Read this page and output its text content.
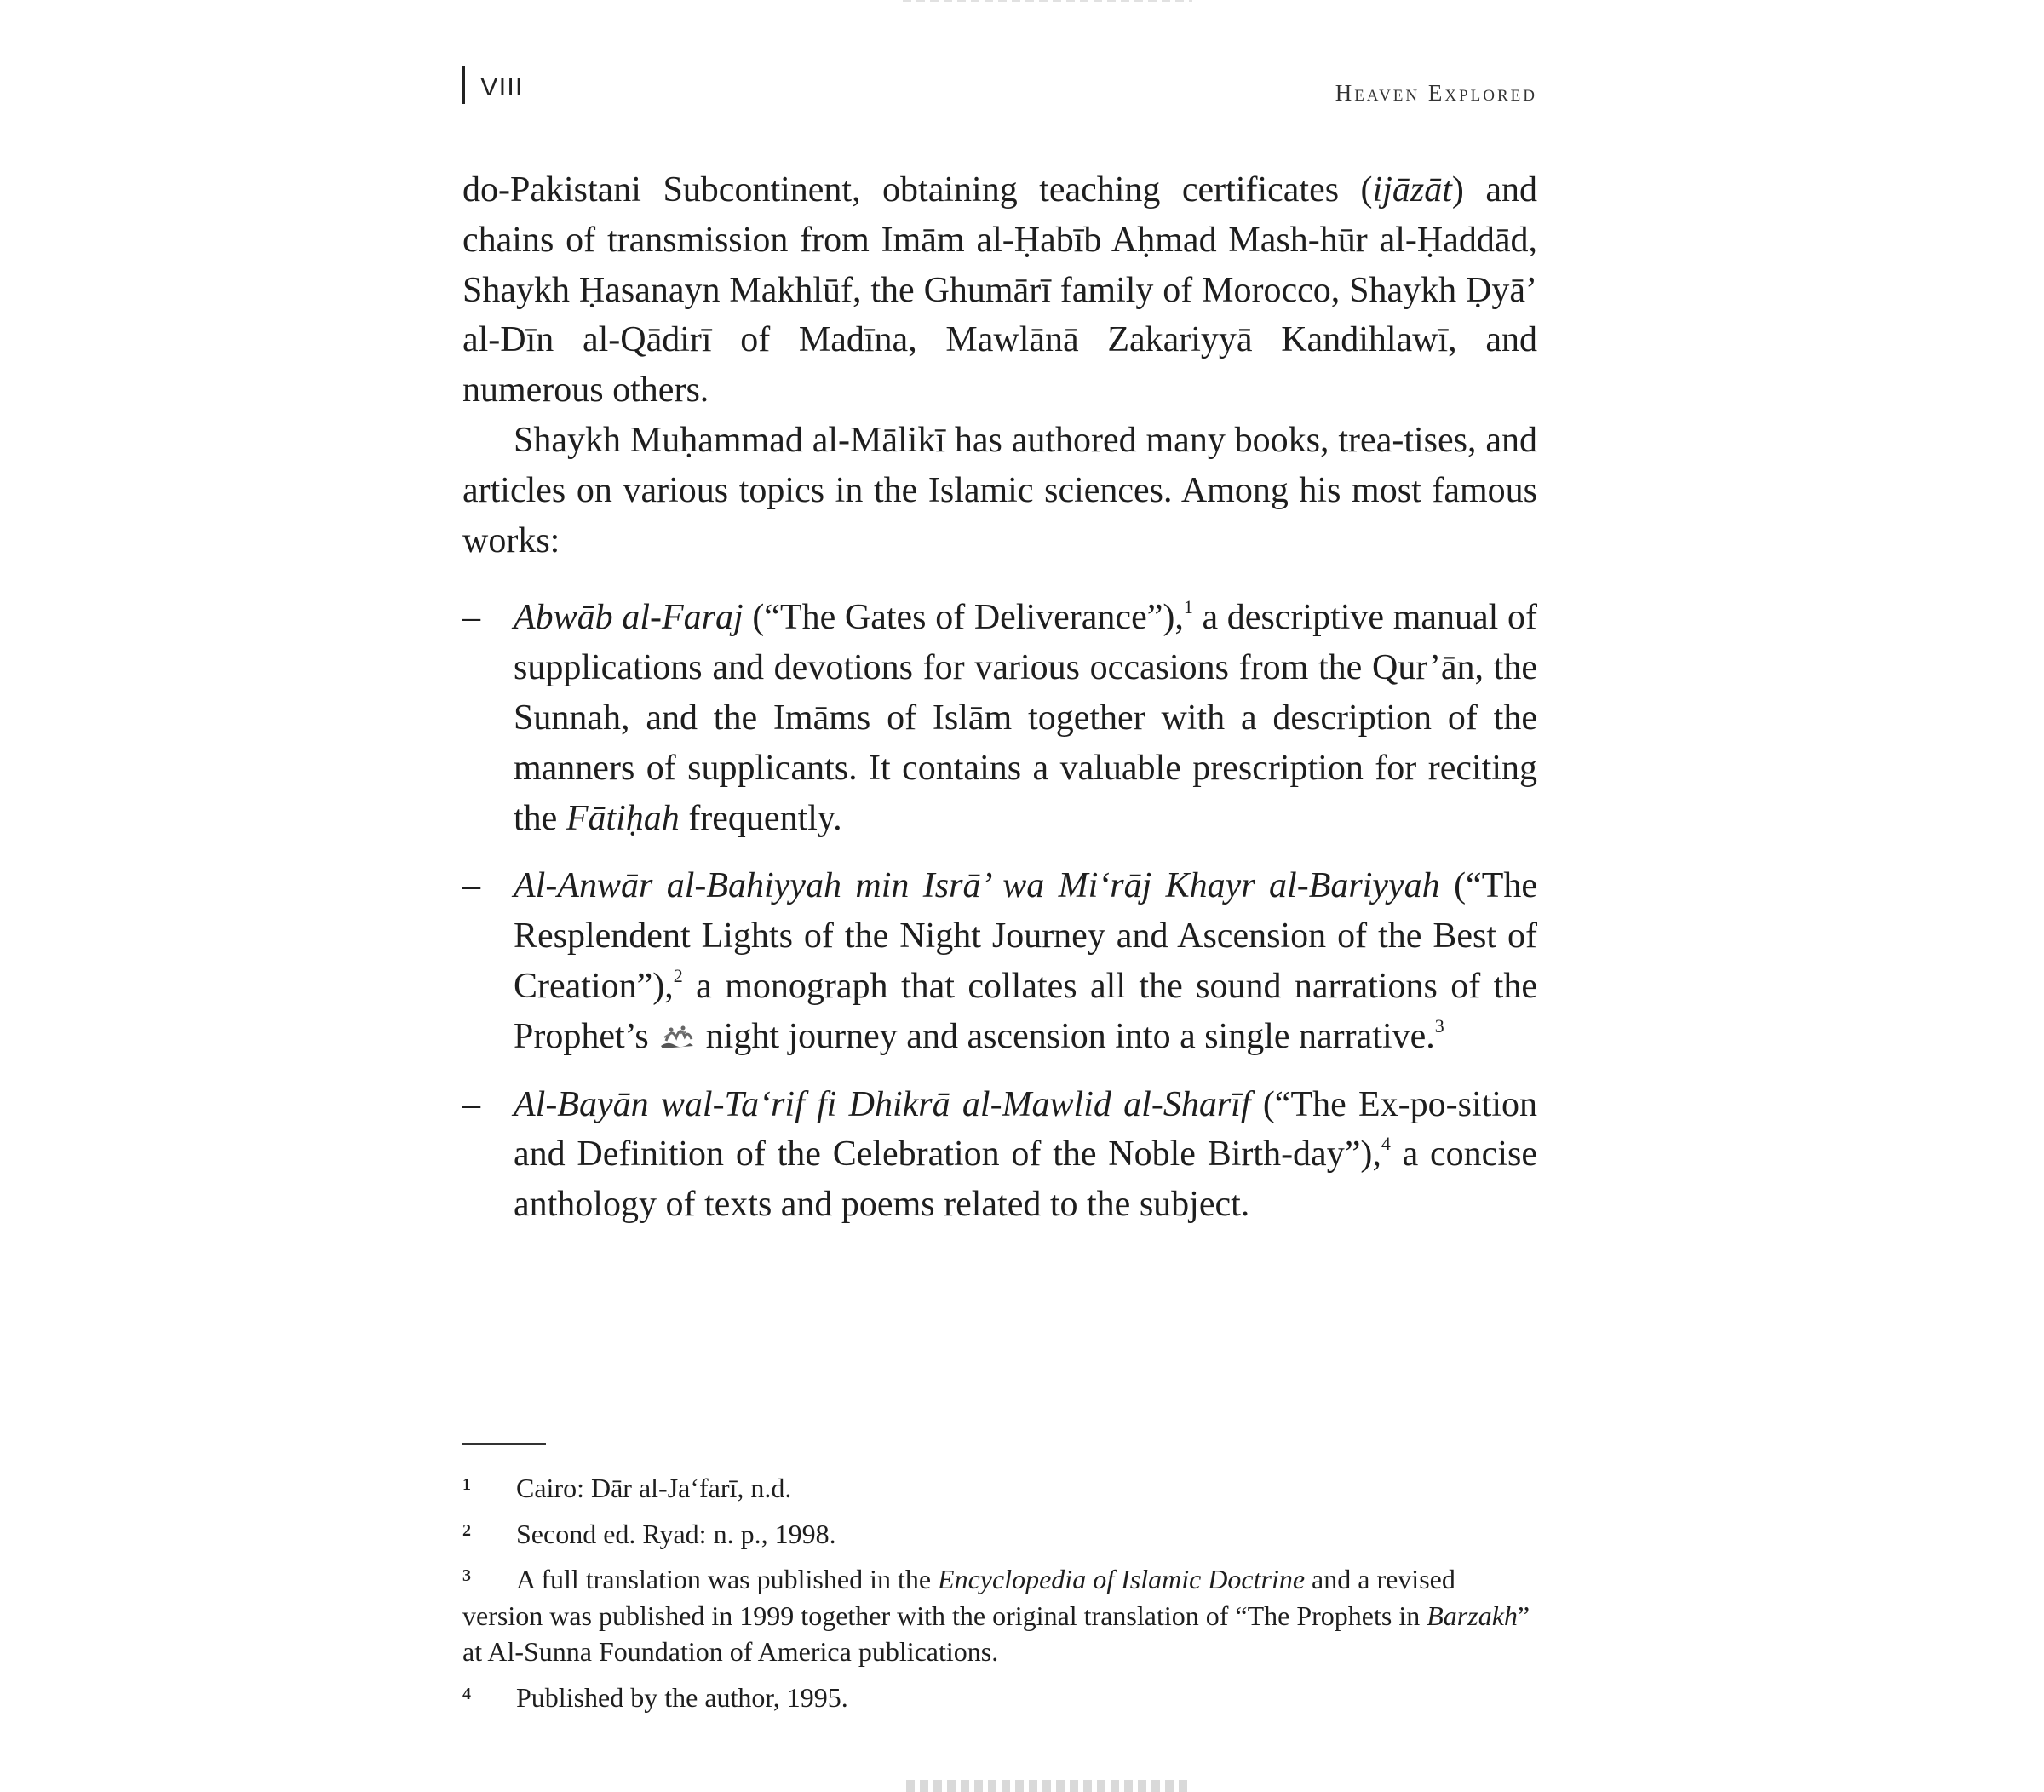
VIII	Heaven Explored

do-Pakistani Subcontinent, obtaining teaching certificates (ijāzāt) and chains of transmission from Imām al-Ḥabīb Aḥmad Mash-hūr al-Ḥaddād, Shaykh Ḥasanayn Makhlūf, the Ghumārī family of Morocco, Shaykh Ḍyā’ al-Dīn al-Qādirī of Madīna, Mawlānā Zakariyyā Kandihlawī, and numerous others.

Shaykh Muḥammad al-Mālikī has authored many books, trea-tises, and articles on various topics in the Islamic sciences. Among his most famous works:

– Abwāb al-Faraj (“The Gates of Deliverance”),$^1$ a descriptive manual of supplications and devotions for various occasions from the Qur’ān, the Sunnah, and the Imāms of Islām together with a description of the manners of supplicants. It contains a valuable prescription for reciting the Fātiḥah frequently.
– Al-Anwār al-Bahiyyah min Isrā’ wa Mi‘rāj Khayr al-Bariyyah (“The Resplendent Lights of the Night Journey and Ascension of the Best of Creation”),$^2$ a monograph that collates all the sound narrations of the Prophet’s  night journey and ascension into a single narrative.$^3$
– Al-Bayān wal-Ta‘rif fi Dhikrā al-Mawlid al-Sharīf (“The Ex-po-sition and Definition of the Celebration of the Noble Birth-day”),$^4$ a concise anthology of texts and poems related to the subject.
1	Cairo: Dār al-Ja‘farī, n.d.
2	Second ed. Ryad: n. p., 1998.
3	A full translation was published in the Encyclopedia of Islamic Doctrine and a revised version was published in 1999 together with the original translation of “The Prophets in Barzakh” at Al-Sunna Foundation of America publications.
4	Published by the author, 1995.
